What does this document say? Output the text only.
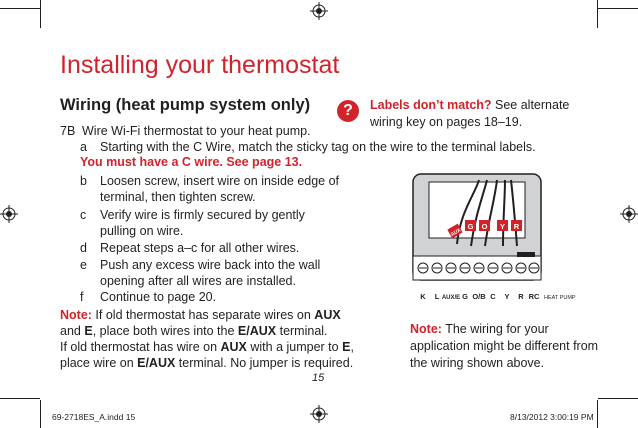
Installing your thermostat
Wiring (heat pump system only)	?	Labels don’t match? See alternate wiring key on pages 18–19.
7B Wire Wi-Fi thermostat to your heat pump.
a Starting with the C Wire, match the sticky tag on the wire to the terminal labels.
You must have a C wire. See page 13.
b Loosen screw, insert wire on inside edge of terminal, then tighten screw.
c Verify wire is firmly secured by gently pulling on wire.
d Repeat steps a–c for all other wires.
e Push any excess wire back into the wall opening after all wires are installed.
f Continue to page 20.
Note: If old thermostat has separate wires on AUX and E, place both wires into the E/AUX terminal.
If old thermostat has wire on AUX with a jumper to E,
place wire on E/AUX terminal. No jumper is required.
AUX
G O Y R
K L AUX/E G O/B C Y R RC HEAT PUMP
Note: The wiring for your application might be different from the wiring shown above.
15
69-2718ES_A.indd 15	8/13/2012 3:00:19 PM
